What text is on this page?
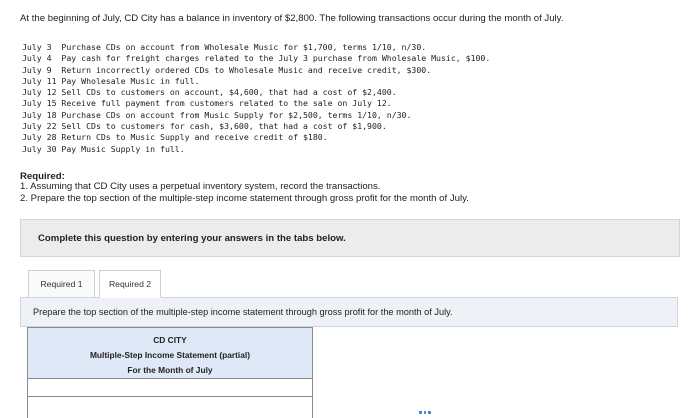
At the beginning of July, CD City has a balance in inventory of $2,800. The following transactions occur during the month of July.
July 3  Purchase CDs on account from Wholesale Music for $1,700, terms 1/10, n/30.
July 4  Pay cash for freight charges related to the July 3 purchase from Wholesale Music, $100.
July 9  Return incorrectly ordered CDs to Wholesale Music and receive credit, $300.
July 11 Pay Wholesale Music in full.
July 12 Sell CDs to customers on account, $4,600, that had a cost of $2,400.
July 15 Receive full payment from customers related to the sale on July 12.
July 18 Purchase CDs on account from Music Supply for $2,500, terms 1/10, n/30.
July 22 Sell CDs to customers for cash, $3,600, that had a cost of $1,900.
July 28 Return CDs to Music Supply and receive credit of $180.
July 30 Pay Music Supply in full.
Required:
1. Assuming that CD City uses a perpetual inventory system, record the transactions.
2. Prepare the top section of the multiple-step income statement through gross profit for the month of July.
Complete this question by entering your answers in the tabs below.
Required 1	Required 2
Prepare the top section of the multiple-step income statement through gross profit for the month of July.
CD CITY
Multiple-Step Income Statement (partial)
For the Month of July
